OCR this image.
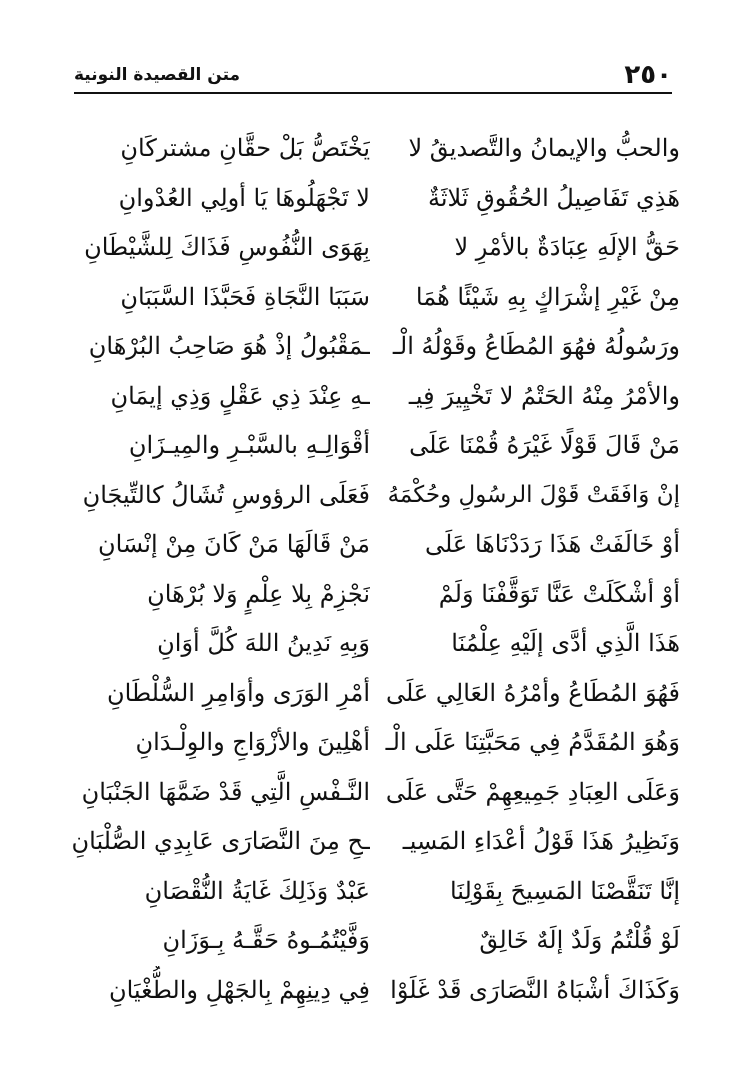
٢٥٠
متن القصيدة النونية
والحبُّ والإيمانُ والتَّصديقُ لا
يَخْتَصُّ بَلْ حقَّانِ مشتركَانِ
هَذِي تَفَاصِيلُ الحُقُوقِ ثَلاثَةٌ
لا تَجْهَلُوهَا يَا أولِي العُدْوانِ
حَقُّ الإلَهِ عِبَادَةٌ بالأمْرِ لا
بِهَوَى النُّفُوسِ فَذَاكَ لِلشَّيْطَانِ
مِنْ غَيْرِ إشْرَاكٍ بِهِ شَيْئًا هُمَا
سَبَبَا النَّجَاةِ فَحَبَّذَا السَّبَبَانِ
ورَسُولُهُ فهُوَ المُطَاعُ وقَوْلُهُ الْـ
ـمَقْبُولُ إذْ هُوَ صَاحِبُ البُرْهَانِ
والأمْرُ مِنْهُ الحَتْمُ لا تَخْيِيرَ فِيـ
ـهِ عِنْدَ ذِي عَقْلٍ وَذِي إيمَانِ
مَنْ قَالَ قَوْلًا غَيْرَهُ قُمْنَا عَلَى
أقْوَالِـهِ بالسَّبْـرِ والمِيـزَانِ
إنْ وَافَقَتْ قَوْلَ الرسُولِ وحُكْمَهُ
فَعَلَى الرؤوسِ تُشَالُ كالتِّيجَانِ
أوْ خَالَفَتْ هَذَا رَدَدْنَاهَا عَلَى
مَنْ قَالَهَا مَنْ كَانَ مِنْ إنْسَانِ
أوْ أشْكَلَتْ عَنَّا تَوَقَّفْنَا وَلَمْ
نَجْزِمْ بِلا عِلْمٍ وَلا بُرْهَانِ
هَذَا الَّذِي أدَّى إلَيْهِ عِلْمُنَا
وَبِهِ نَدِينُ اللهَ كُلَّ أوَانِ
فَهُوَ المُطَاعُ وأمْرُهُ العَالِي عَلَى
أمْرِ الوَرَى وأوَامِرِ السُّلْطَانِ
وَهُوَ المُقَدَّمُ فِي مَحَبَّتِنَا عَلَى الْـ
أهْلِينَ والأزْوَاجِ والوِلْـدَانِ
وَعَلَى العِبَادِ جَمِيعِهِمْ حَتَّى عَلَى
النَّـفْسِ الَّتِي قَدْ ضَمَّهَا الجَنْبَانِ
وَنَظِيرُ هَذَا قَوْلُ أعْدَاءِ المَسِيـ
ـحِ مِنَ النَّصَارَى عَابِدِي الصُّلْبَانِ
إنَّا تَنَقَّصْنَا المَسِيحَ بِقَوْلِنَا
عَبْدٌ وَذَلِكَ غَايَةُ النُّقْصَانِ
لَوْ قُلْتُمُ وَلَدٌ إلَهٌ خَالِقٌ
وَفَّيْتُمُـوهُ حَقَّـهُ بِـوَزَانِ
وَكَذَاكَ أشْبَاهُ النَّصَارَى قَدْ غَلَوْا
فِي دِينِهِمْ بِالجَهْلِ والطُّغْيَانِ
